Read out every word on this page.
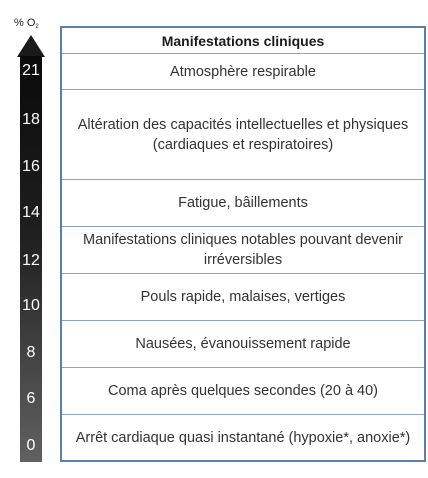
% $O_2$
21
18
16
14
12
10
8
6
0
Manifestations cliniques
Atmosphère respirable
Altération des capacités intellectuelles et physiques (cardiaques et respiratoires)
Fatigue, bâillements
Manifestations cliniques notables pouvant devenir irréversibles
Pouls rapide, malaises, vertiges
Nausées, évanouissement rapide
Coma après quelques secondes (20 à 40)
Arrêt cardiaque quasi instantané (hypoxie*, anoxie*)
